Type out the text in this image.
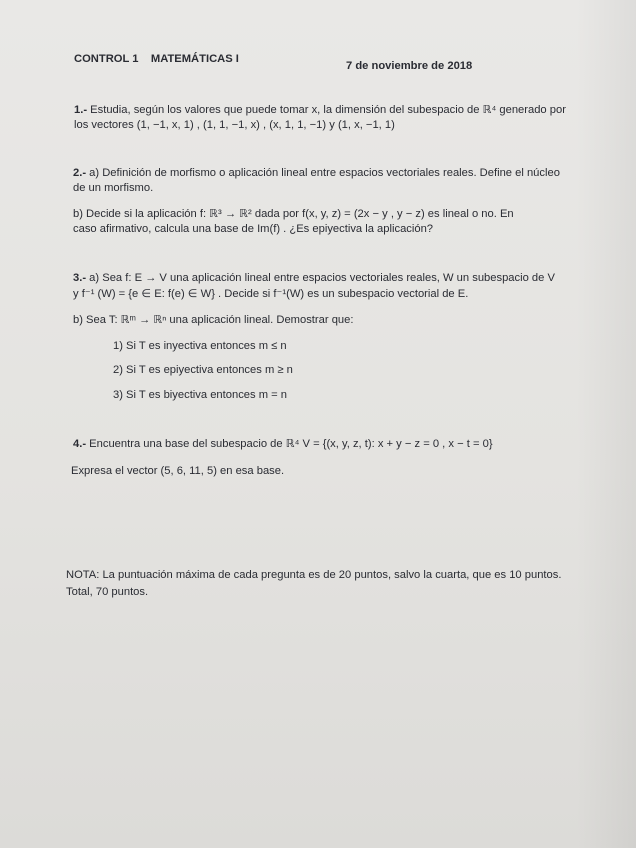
CONTROL 1 MATEMÁTICAS I
7 de noviembre de 2018
1.- Estudia, según los valores que puede tomar x, la dimensión del subespacio de ℝ⁴ generado por
los vectores (1, −1, x, 1) , (1, 1, −1, x) , (x, 1, 1, −1) y (1, x, −1, 1)
2.- a) Definición de morfismo o aplicación lineal entre espacios vectoriales reales. Define el núcleo
de un morfismo.
b) Decide si la aplicación f: ℝ³ → ℝ² dada por f(x, y, z) = (2x − y , y − z) es lineal o no. En
caso afirmativo, calcula una base de Im(f) . ¿Es epiyectiva la aplicación?
3.- a) Sea f: E → V una aplicación lineal entre espacios vectoriales reales, W un subespacio de V
y f⁻¹ (W) = {e ∈ E: f(e) ∈ W} . Decide si f⁻¹(W) es un subespacio vectorial de E.
b) Sea T: ℝᵐ → ℝⁿ una aplicación lineal. Demostrar que:
1) Si T es inyectiva entonces m ≤ n
2) Si T es epiyectiva entonces m ≥ n
3) Si T es biyectiva entonces m = n
4.- Encuentra una base del subespacio de ℝ⁴ V = {(x, y, z, t): x + y − z = 0 , x − t = 0}
Expresa el vector (5, 6, 11, 5) en esa base.
NOTA: La puntuación máxima de cada pregunta es de 20 puntos, salvo la cuarta, que es 10 puntos.
Total, 70 puntos.
